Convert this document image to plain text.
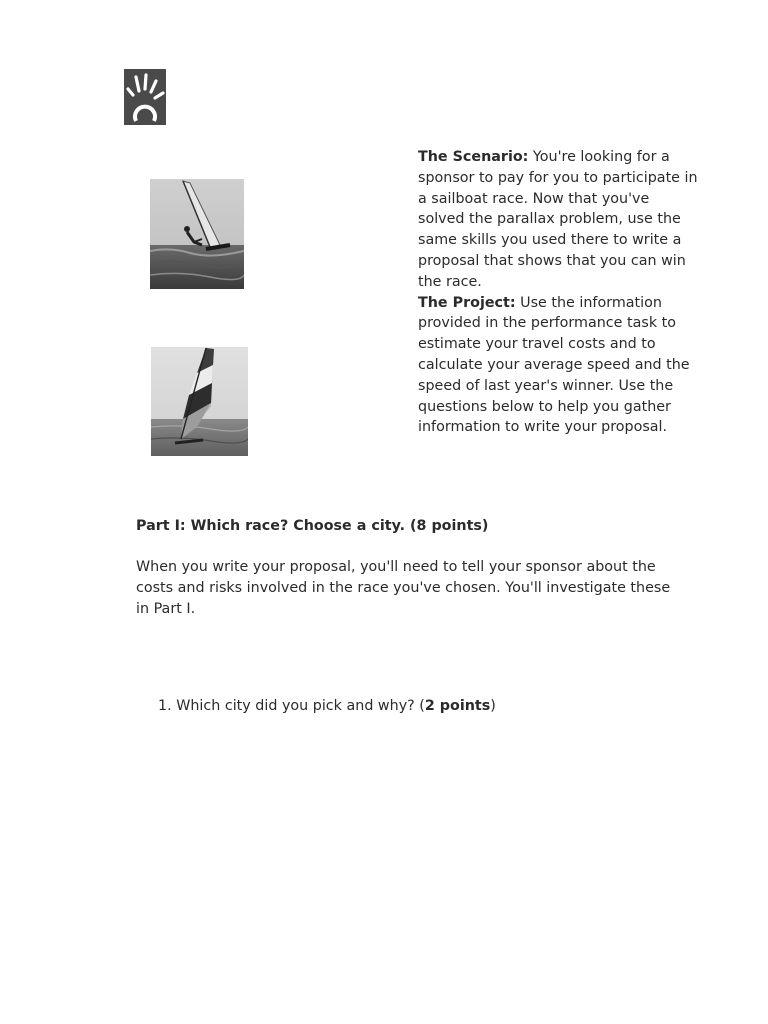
The Scenario: You're looking for a sponsor to pay for you to participate in a sailboat race. Now that you've solved the parallax problem, use the same skills you used there to write a proposal that shows that you can win the race.

The Project: Use the information provided in the performance task to estimate your travel costs and to calculate your average speed and the speed of last year's winner. Use the questions below to help you gather information to write your proposal.

Part I: Which race? Choose a city. (8 points)

When you write your proposal, you'll need to tell your sponsor about the costs and risks involved in the race you've chosen. You'll investigate these in Part I.

1. Which city did you pick and why? (2 points)
